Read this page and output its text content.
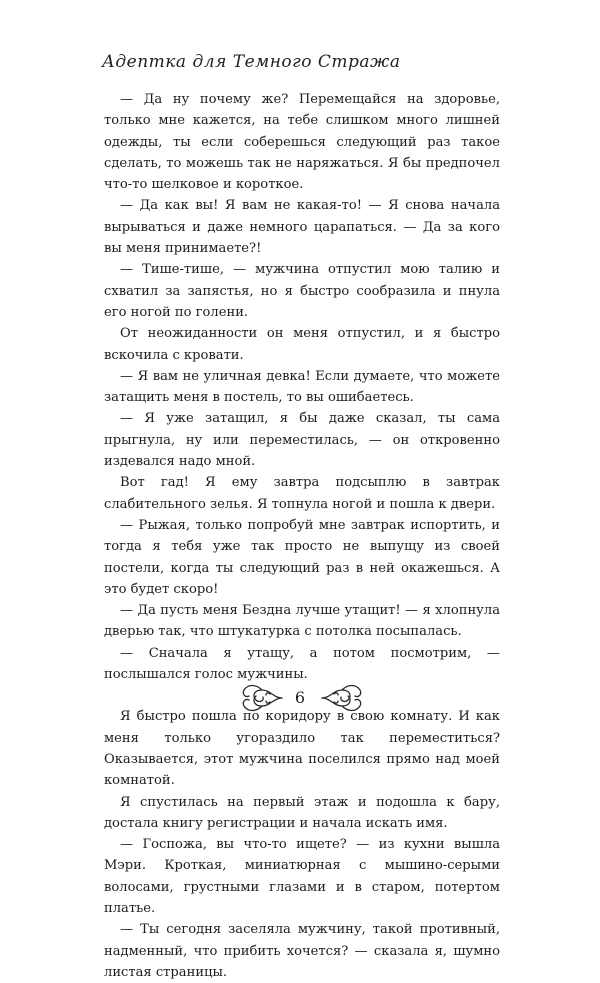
Адептка для Темного Стража

— Да ну почему же? Перемещайся на здоровье, только мне кажется, на тебе слишком много лишней одежды, ты если соберешься следующий раз такое сделать, то можешь так не наряжаться. Я бы предпочел что-то шелковое и короткое.

— Да как вы! Я вам не какая-то! — Я снова начала вырываться и даже немного царапаться. — Да за кого вы меня принимаете?!

— Тише-тише, — мужчина отпустил мою талию и схватил за запястья, но я быстро сообразила и пнула его ногой по голени.

От неожиданности он меня отпустил, и я быстро вскочила с кровати.

— Я вам не уличная девка! Если думаете, что можете затащить меня в постель, то вы ошибаетесь.

— Я уже затащил, я бы даже сказал, ты сама прыгнула, ну или переместилась, — он откровенно издевался надо мной.

Вот гад! Я ему завтра подсыплю в завтрак слабительного зелья. Я топнула ногой и пошла к двери.

— Рыжая, только попробуй мне завтрак испортить, и тогда я тебя уже так просто не выпущу из своей постели, когда ты следующий раз в ней окажешься. А это будет скоро!

— Да пусть меня Бездна лучше утащит! — я хлопнула дверью так, что штукатурка с потолка посыпалась.

— Сначала я утащу, а потом посмотрим, — послышался голос мужчины.

Я быстро пошла по коридору в свою комнату. И как меня только угораздило так переместиться? Оказывается, этот мужчина поселился прямо над моей комнатой.

Я спустилась на первый этаж и подошла к бару, достала книгу регистрации и начала искать имя.

— Госпожа, вы что-то ищете? — из кухни вышла Мэри. Кроткая, миниатюрная с мышино-серыми волосами, грустными глазами и в старом, потертом платье.

— Ты сегодня заселяла мужчину, такой противный, надменный, что прибить хочется? — сказала я, шумно листая страницы.

6
